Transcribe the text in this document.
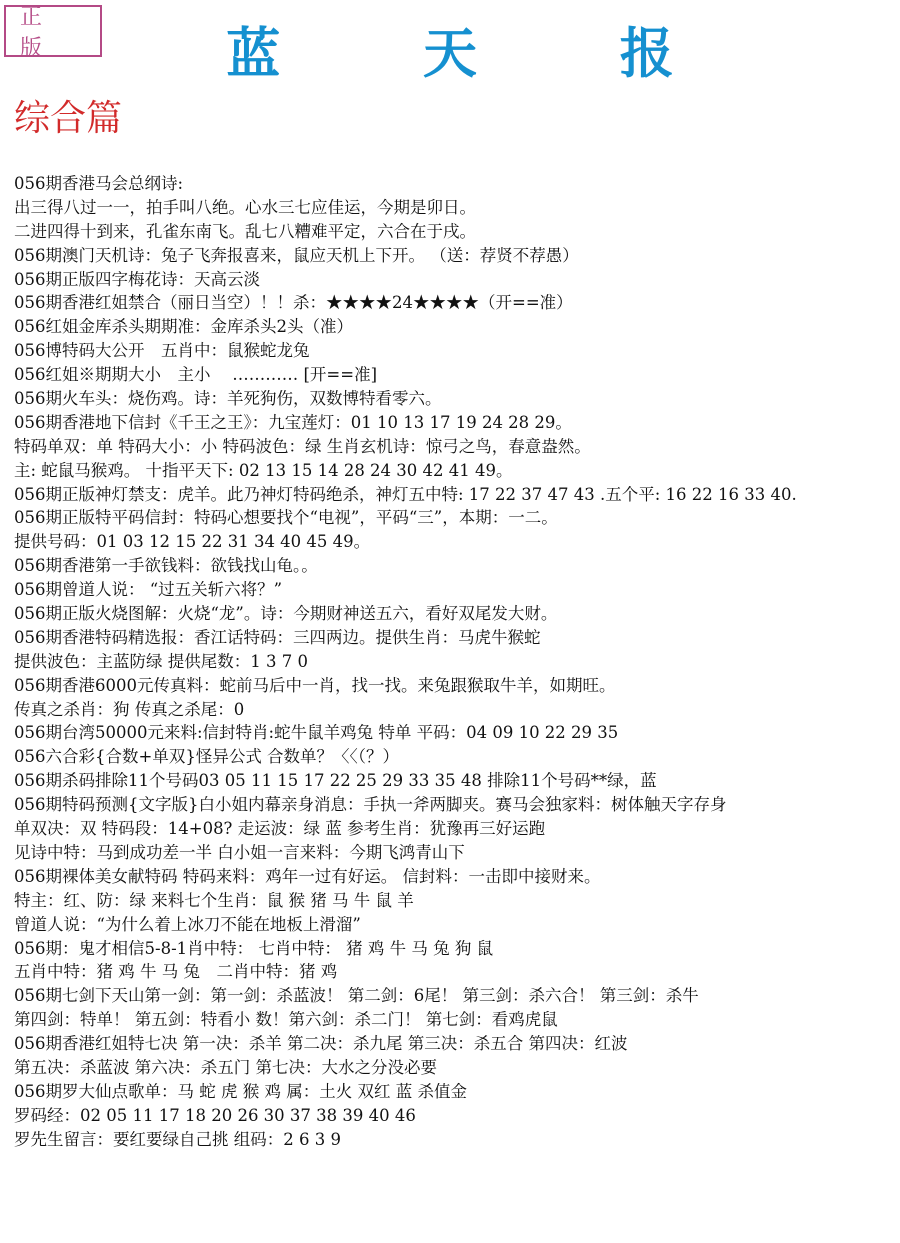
正 版	蓝 天 报
综合篇
056期香港马会总纲诗:
出三得八过一一，拍手叫八绝。心水三七应佳运，今期是卯日。
二进四得十到来，孔雀东南飞。乱七八糟难平定，六合在于戌。
056期澳门天机诗：兔子飞奔报喜来，鼠应天机上下开。 （送：荐贤不荐愚）
056期正版四字梅花诗：天高云淡
056期香港红姐禁合（丽日当空）！！杀：★★★★24★★★★（开==准）
056红姐金库杀头期期准：金库杀头2头（准）
056博特码大公开　五肖中：鼠猴蛇龙兔
056红姐※期期大小　主小　 ………… [开==准]
056期火车头：烧伤鸡。诗：羊死狗伤，双数博特看零六。
056期香港地下信封《千王之王》：九宝莲灯：01 10 13 17 19 24 28 29。
特码单双：单 特码大小：小 特码波色：绿 生肖玄机诗：惊弓之鸟，春意盎然。
主: 蛇鼠马猴鸡。 十指平天下: 02 13 15 14 28 24 30 42 41 49。
056期正版神灯禁支：虎羊。此乃神灯特码绝杀，神灯五中特: 17 22 37 47 43 .五个平: 16 22 16 33 40.
056期正版特平码信封：特码心想要找个“电视”，平码“三”，本期：一二。
提供号码：01 03 12 15 22 31 34 40 45 49。
056期香港第一手欲钱料：欲钱找山龟。。
056期曾道人说： “过五关斩六将？”
056期正版火烧图解：火烧“龙”。诗：今期财神送五六，看好双尾发大财。
056期香港特码精选报：香江话特码：三四两边。提供生肖：马虎牛猴蛇
提供波色：主蓝防绿 提供尾数：1 3 7 0
056期香港6000元传真料：蛇前马后中一肖，找一找。来兔跟猴取牛羊，如期旺。
传真之杀肖：狗 传真之杀尾：0
056期台湾50000元来料:信封特肖:蛇牛鼠羊鸡兔 特单 平码：04 09 10 22 29 35
056六合彩{合数+单双}怪异公式 合数单？〈〈（？）
056期杀码排除11个号码03 05 11 15 17 22 25 29 33 35 48 排除11个号码**绿，蓝
056期特码预测{文字版}白小姐内幕亲身消息：手执一斧两脚夹。赛马会独家料：树体触天字存身
单双决：双 特码段：14+08? 走运波：绿 蓝 参考生肖：犹豫再三好运跑
见诗中特：马到成功差一半 白小姐一言来料：今期飞鸿青山下
056期裸体美女献特码 特码来料：鸡年一过有好运。 信封料：一击即中接财来。
特主：红、防：绿 来料七个生肖：鼠 猴 猪 马 牛 鼠 羊
曾道人说：“为什么着上冰刀不能在地板上滑溜”
056期：鬼才相信5-8-1肖中特： 七肖中特： 猪 鸡 牛 马 兔 狗 鼠
五肖中特：猪 鸡 牛 马 兔　二肖中特：猪 鸡
056期七剑下天山第一剑：第一剑：杀蓝波！ 第二剑：6尾！ 第三剑：杀六合！ 第三剑：杀牛
第四剑：特单！ 第五剑：特看小 数！第六剑：杀二门！ 第七剑：看鸡虎鼠
056期香港红姐特七决 第一决：杀羊 第二决：杀九尾 第三决：杀五合 第四决：红波
第五决：杀蓝波 第六决：杀五门 第七决：大水之分没必要
056期罗大仙点歌单：马 蛇 虎 猴 鸡 属：土火 双红 蓝 杀值金
罗码经：02 05 11 17 18 20 26 30 37 38 39 40 46
罗先生留言：要红要绿自己挑 组码：2 6 3 9
